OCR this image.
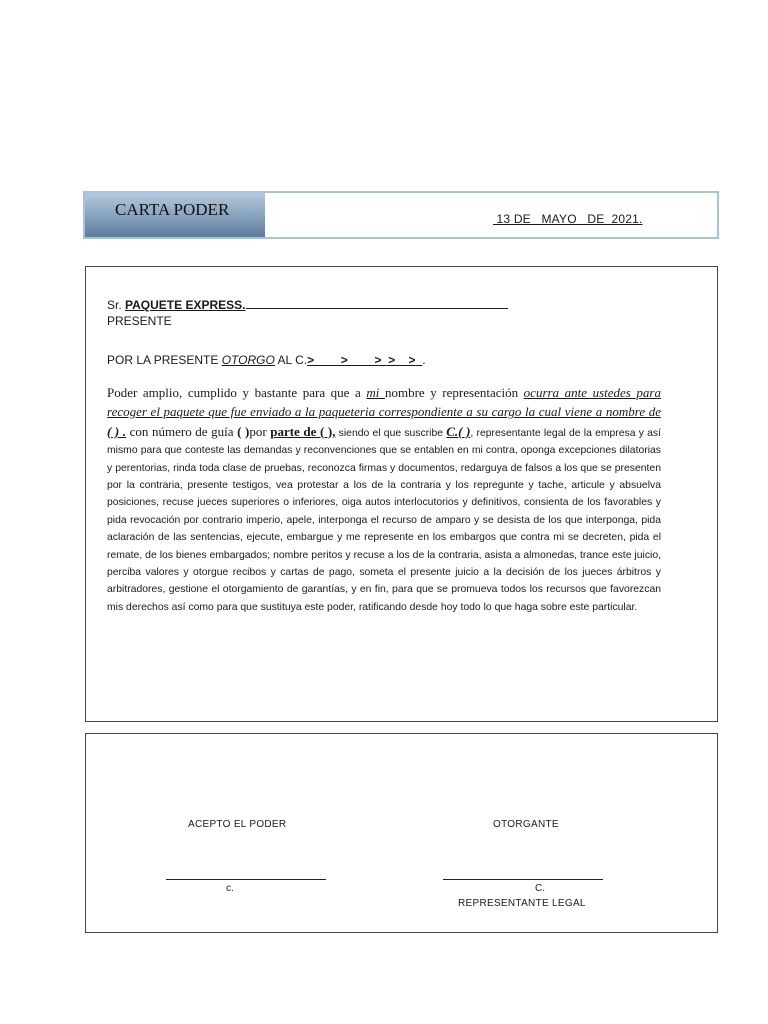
CARTA PODER	13 DE   MAYO   DE  2021.
Sr. PAQUETE EXPRESS.
PRESENTE
POR LA PRESENTE OTORGO AL C.>____>____>_>__>_.
Poder amplio, cumplido y bastante para que a mi nombre y representación ocurra ante ustedes para recoger el paquete que fue enviado a la paqueteria correspondiente a su cargo la cual viene a nombre de ( ) . con número de guía ( )por parte de ( ), siendo el que suscribe C.( ), representante legal de la empresa y así mismo para que conteste las demandas y reconvenciones que se entablen en mi contra, oponga excepciones dilatorias y perentorias, rinda toda clase de pruebas, reconozca firmas y documentos, redarguya de falsos a los que se presenten por la contraria, presente testigos, vea protestar a los de la contraria y los repregunte y tache, articule y absuelva posiciones, recuse jueces superiores o inferiores, oiga autos interlocutorios y definitivos, consienta de los favorables y pida revocación por contrario imperio, apele, interponga el recurso de amparo y se desista de los que interponga, pida aclaración de las sentencias, ejecute, embargue y me represente en los embargos que contra mi se decreten, pida el remate, de los bienes embargados; nombre peritos y recuse a los de la contraria, asista a almonedas, trance este juicio, perciba valores y otorgue recibos y cartas de pago, someta el presente juicio a la decisión de los jueces árbitros y arbitradores, gestione el otorgamiento de garantías, y en fin, para que se promueva todos los recursos que favorezcan mis derechos así como para que sustituya este poder, ratificando desde hoy todo lo que haga sobre este particular.
ACEPTO EL PODER
c.
OTORGANTE
C.
REPRESENTANTE LEGAL
